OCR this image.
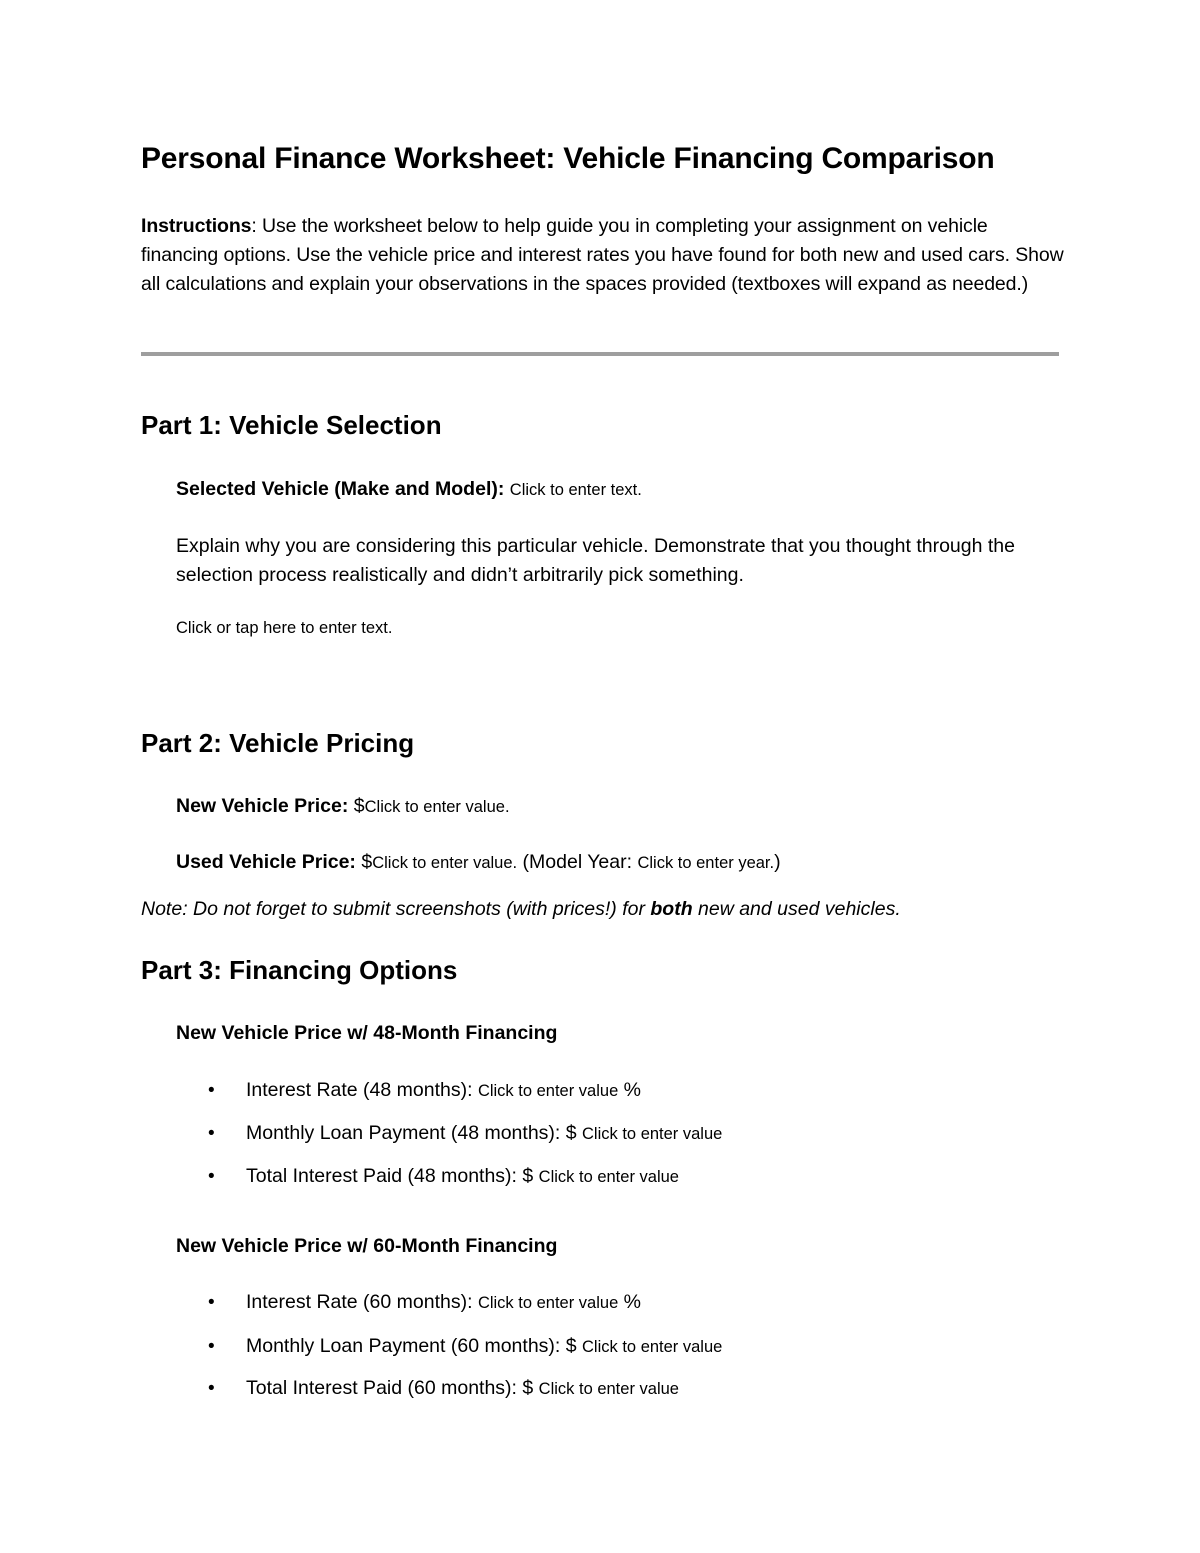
Personal Finance Worksheet: Vehicle Financing Comparison

Instructions: Use the worksheet below to help guide you in completing your assignment on vehicle financing options. Use the vehicle price and interest rates you have found for both new and used cars. Show all calculations and explain your observations in the spaces provided (textboxes will expand as needed.)

Part 1: Vehicle Selection

Selected Vehicle (Make and Model): Click to enter text.

Explain why you are considering this particular vehicle. Demonstrate that you thought through the selection process realistically and didn’t arbitrarily pick something.

Click or tap here to enter text.

Part 2: Vehicle Pricing

New Vehicle Price: $Click to enter value.

Used Vehicle Price: $Click to enter value. (Model Year: Click to enter year.)

Note: Do not forget to submit screenshots (with prices!) for both new and used vehicles.

Part 3: Financing Options

New Vehicle Price w/ 48-Month Financing

• Interest Rate (48 months): Click to enter value %

• Monthly Loan Payment (48 months): $ Click to enter value

• Total Interest Paid (48 months): $ Click to enter value

New Vehicle Price w/ 60-Month Financing

• Interest Rate (60 months): Click to enter value %

• Monthly Loan Payment (60 months): $ Click to enter value

• Total Interest Paid (60 months): $ Click to enter value
